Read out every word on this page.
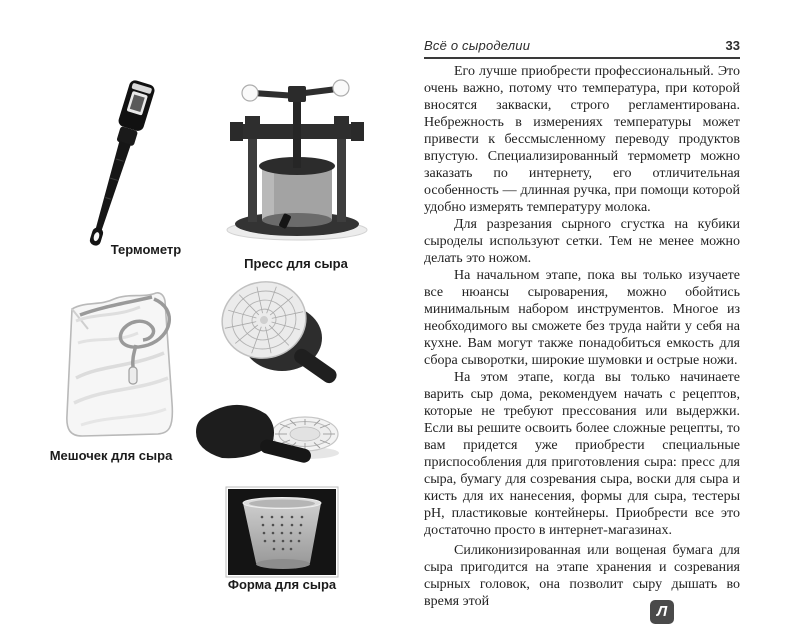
Всё о сыроделии	33
Термометр
Пресс для сыра
Мешочек для сыра
Форма для сыра

Его лучше приобрести профессиональный. Это очень важно, потому что температура, при которой вносятся закваски, строго регламентирована. Небрежность в измерениях температуры может привести к бессмысленному переводу продуктов впустую. Специализированный термометр можно заказать по интернету, его отличительная особенность — длинная ручка, при помощи которой удобно измерять температуру молока.

Для разрезания сырного сгустка на кубики сыроделы используют сетки. Тем не менее можно делать это ножом.

На начальном этапе, пока вы только изучаете все нюансы сыроварения, можно обойтись минимальным набором инструментов. Многое из необходимого вы сможете без труда найти у себя на кухне. Вам могут также понадобиться емкость для сбора сыворотки, широкие шумовки и острые ножи.

На этом этапе, когда вы только начинаете варить сыр дома, рекомендуем начать с рецептов, которые не требуют прессования или выдержки. Если вы решите освоить более сложные рецепты, то вам придется уже приобрести специальные приспособления для приготовления сыра: пресс для сыра, бумагу для созревания сыра, воски для сыра и кисть для их нанесения, формы для сыра, тестеры pH, пластиковые контейнеры. Приобрести все это достаточно просто в интернет-магазинах.

Силиконизированная или вощеная бумага для сыра пригодится на этапе хранения и созревания сырных головок, она позволит сыру дышать во время этой

Л
